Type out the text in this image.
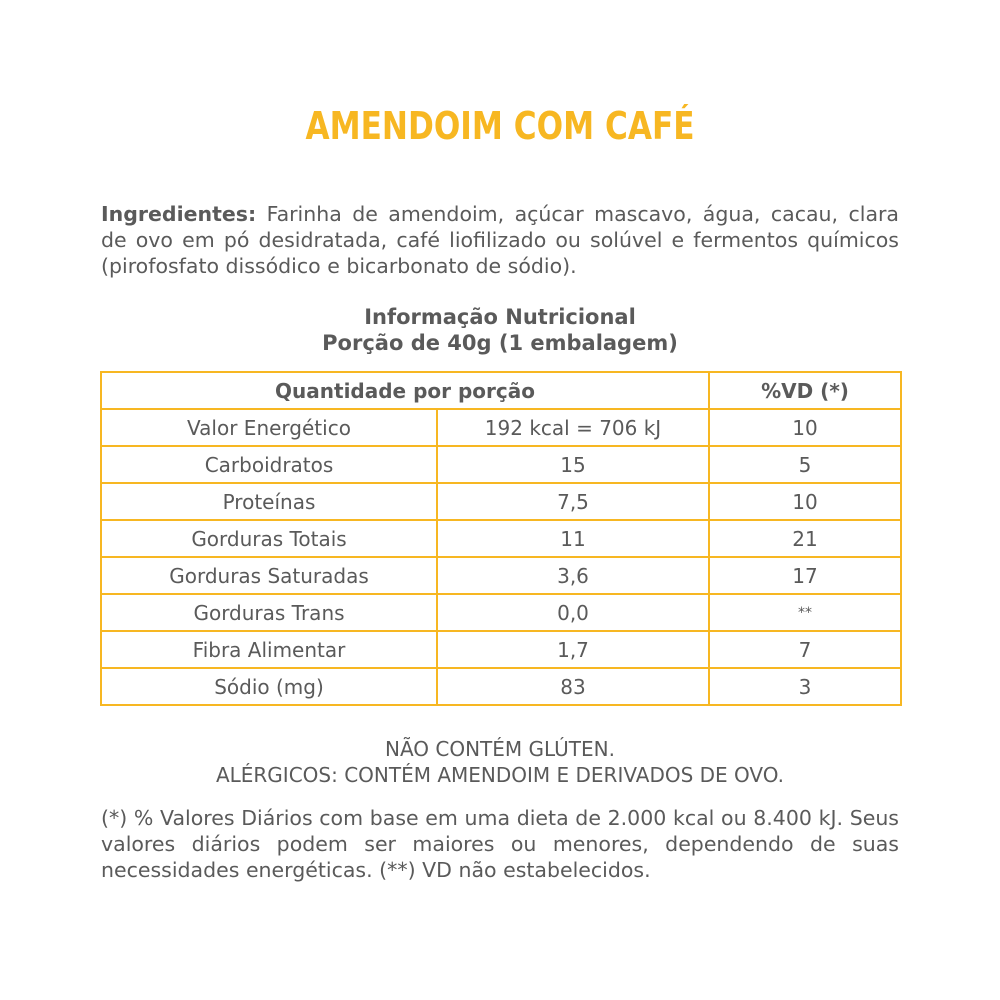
AMENDOIM COM CAFÉ
Ingredientes: Farinha de amendoim, açúcar mascavo, água, cacau, clara de ovo em pó desidratada, café liofilizado ou solúvel e fermentos químicos (pirofosfato dissódico e bicarbonato de sódio).
Informação Nutricional
Porção de 40g (1 embalagem)
Quantidade por porção		%VD (*)
Valor Energético	192 kcal = 706 kJ	10
Carboidratos	15	5
Proteínas	7,5	10
Gorduras Totais	11	21
Gorduras Saturadas	3,6	17
Gorduras Trans	0,0	**
Fibra Alimentar	1,7	7
Sódio (mg)	83	3
NÃO CONTÉM GLÚTEN.
ALÉRGICOS: CONTÉM AMENDOIM E DERIVADOS DE OVO.
(*) % Valores Diários com base em uma dieta de 2.000 kcal ou 8.400 kJ. Seus valores diários podem ser maiores ou menores, dependendo de suas necessidades energéticas. (**) VD não estabelecidos.
